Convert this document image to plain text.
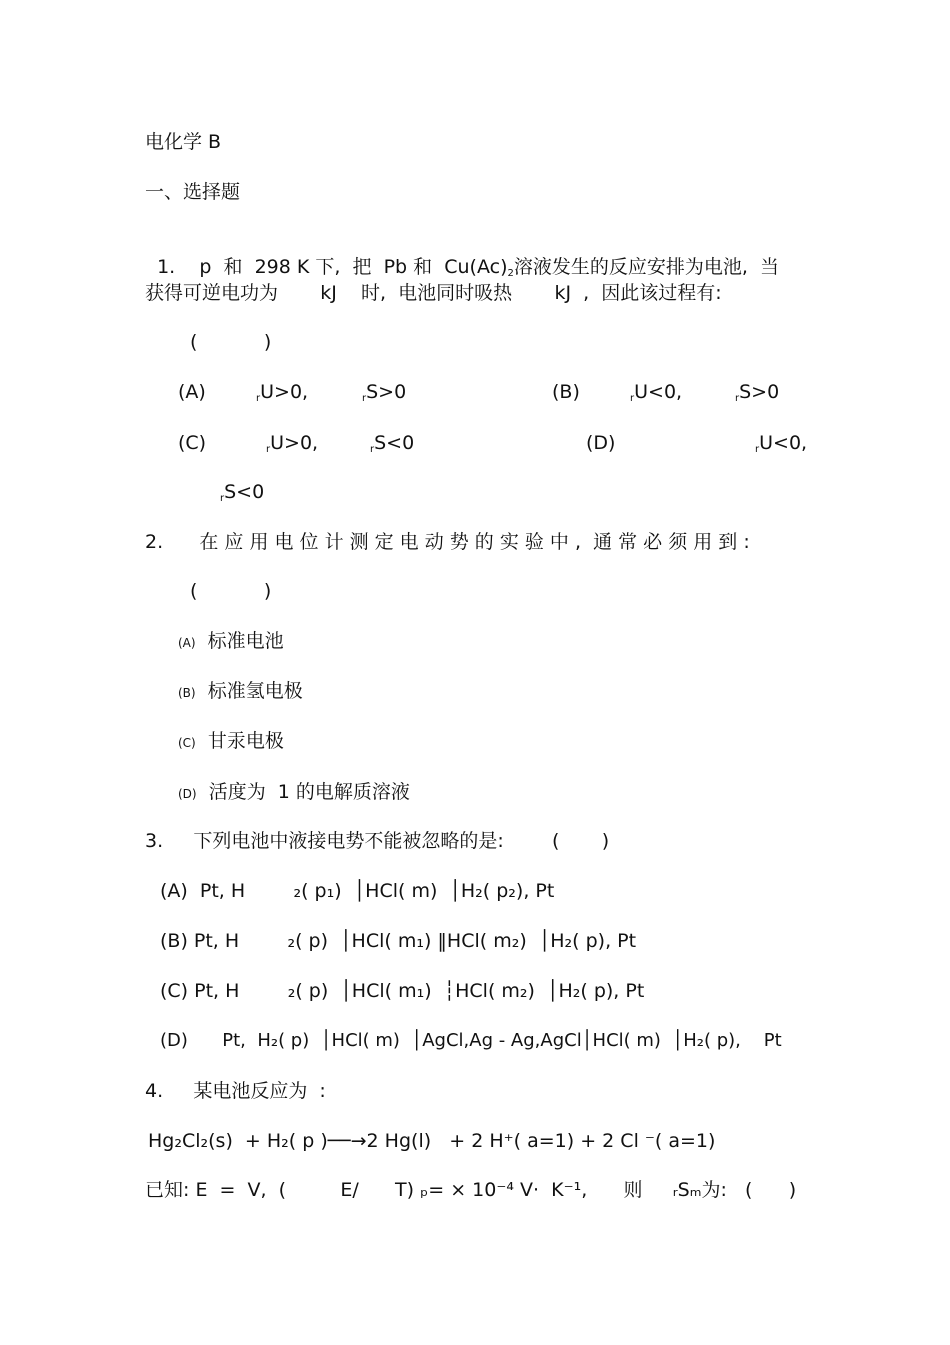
电化学 B
一、选择题

1.    p  和  298 K 下,  把  Pb 和  $Cu(Ac)_2$溶液发生的反应安排为电池,  当

获得可逆电功为       kJ    时,  电池同时吸热       kJ  ,  因此该过程有:
(           )
(A)	$_r$U>0,	$_r$S>0	(B)	$_r$U<0,	$_r$S>0
(C)	$_r$U>0,	$_r$S<0	(D)	$_r$U<0,
$_r$S<0
2.      在 应 用 电 位 计 测 定 电 动 势 的 实 验 中 ,  通 常 必 须 用 到 :
(           )
(A) 标准电池
(B) 标准氢电极
(C) 甘汞电极
(D) 活度为  1 的电解质溶液
3.     下列电池中液接电势不能被忽略的是:        (       )
(A)  Pt, H        ₂( p₁)  │HCl( m)  │H₂( p₂), Pt
(B) Pt, H        ₂( p)  │HCl( m₁) ‖HCl( m₂)  │H₂( p), Pt
(C) Pt, H        ₂( p)  │HCl( m₁)  ┆HCl( m₂)  │H₂( p), Pt
(D)      Pt,  H₂( p)  │HCl( m)  │AgCl,Ag - Ag,AgCl│HCl( m)  │H₂( p),    Pt
4.     某电池反应为  :
Hg₂Cl₂(s)  + H₂( p )──→2 Hg(l)   + 2 H⁺( a=1) + 2 Cl ⁻( a=1)
已知: E  =  V,  (         E/      T) ₚ= × 10⁻⁴ V·  K⁻¹,      则     ᵣSₘ为:   (      )
